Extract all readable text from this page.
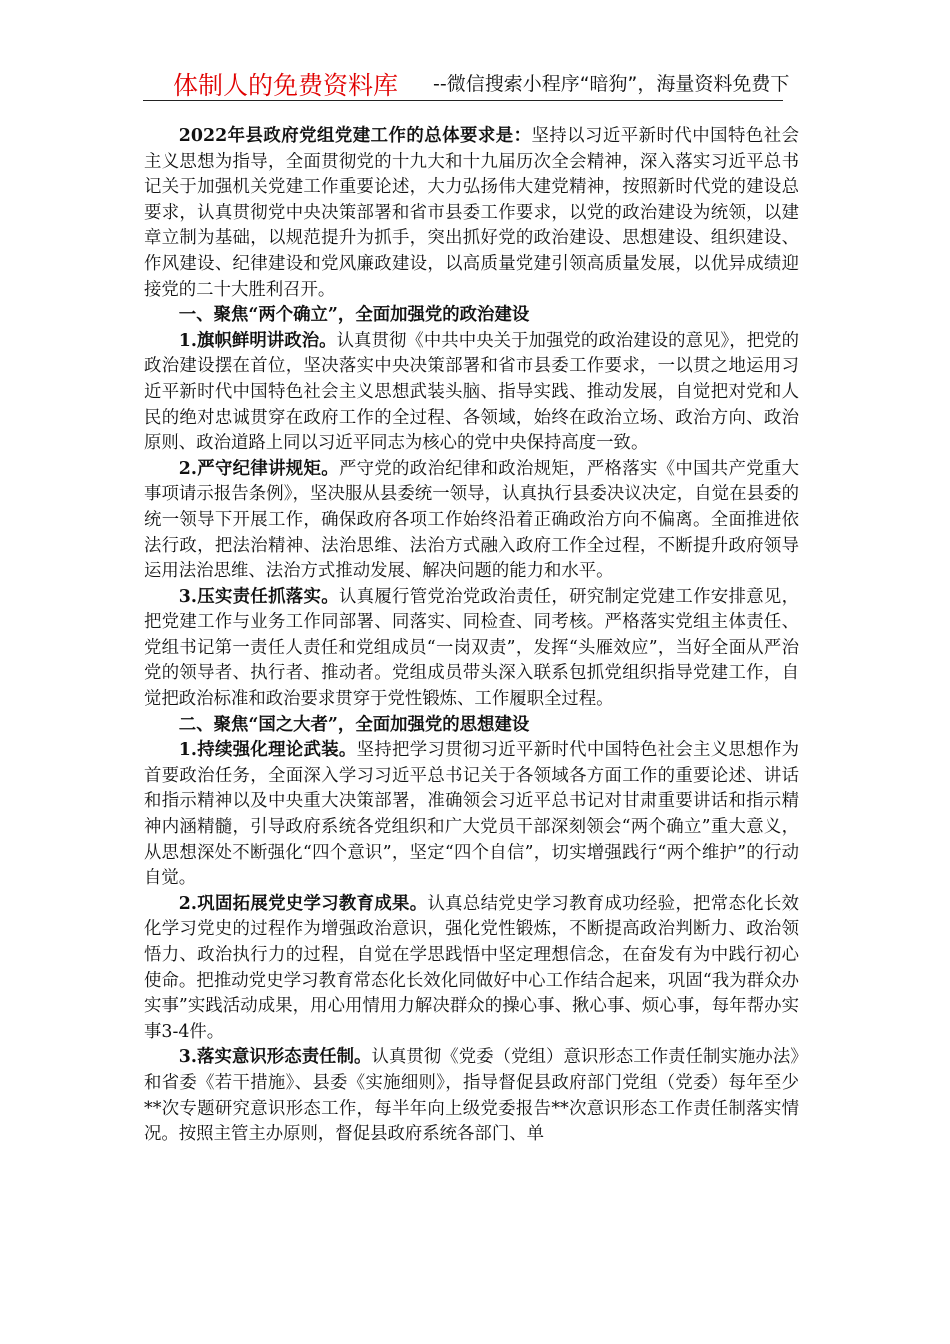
体制人的免费资料库 --微信搜索小程序“暗狗”，海量资料免费下

2022年县政府党组党建工作的总体要求是：坚持以习近平新时代中国特色社会主义思想为指导，全面贯彻党的十九大和十九届历次全会精神，深入落实习近平总书记关于加强机关党建工作重要论述，大力弘扬伟大建党精神，按照新时代党的建设总要求，认真贯彻党中央决策部署和省市县委工作要求，以党的政治建设为统领，以建章立制为基础，以规范提升为抓手，突出抓好党的政治建设、思想建设、组织建设、作风建设、纪律建设和党风廉政建设，以高质量党建引领高质量发展，以优异成绩迎接党的二十大胜利召开。

一、聚焦“两个确立”，全面加强党的政治建设

1.旗帜鲜明讲政治。认真贯彻《中共中央关于加强党的政治建设的意见》，把党的政治建设摆在首位，坚决落实中央决策部署和省市县委工作要求，一以贯之地运用习近平新时代中国特色社会主义思想武装头脑、指导实践、推动发展，自觉把对党和人民的绝对忠诚贯穿在政府工作的全过程、各领域，始终在政治立场、政治方向、政治原则、政治道路上同以习近平同志为核心的党中央保持高度一致。

2.严守纪律讲规矩。严守党的政治纪律和政治规矩，严格落实《中国共产党重大事项请示报告条例》，坚决服从县委统一领导，认真执行县委决议决定，自觉在县委的统一领导下开展工作，确保政府各项工作始终沿着正确政治方向不偏离。全面推进依法行政，把法治精神、法治思维、法治方式融入政府工作全过程，不断提升政府领导运用法治思维、法治方式推动发展、解决问题的能力和水平。

3.压实责任抓落实。认真履行管党治党政治责任，研究制定党建工作安排意见，把党建工作与业务工作同部署、同落实、同检查、同考核。严格落实党组主体责任、党组书记第一责任人责任和党组成员“一岗双责”，发挥“头雁效应”，当好全面从严治党的领导者、执行者、推动者。党组成员带头深入联系包抓党组织指导党建工作，自觉把政治标准和政治要求贯穿于党性锻炼、工作履职全过程。

二、聚焦“国之大者”，全面加强党的思想建设

1.持续强化理论武装。坚持把学习贯彻习近平新时代中国特色社会主义思想作为首要政治任务，全面深入学习习近平总书记关于各领域各方面工作的重要论述、讲话和指示精神以及中央重大决策部署，准确领会习近平总书记对甘肃重要讲话和指示精神内涵精髓，引导政府系统各党组织和广大党员干部深刻领会“两个确立”重大意义，从思想深处不断强化“四个意识”，坚定“四个自信”，切实增强践行“两个维护”的行动自觉。

2.巩固拓展党史学习教育成果。认真总结党史学习教育成功经验，把常态化长效化学习党史的过程作为增强政治意识，强化党性锻炼，不断提高政治判断力、政治领悟力、政治执行力的过程，自觉在学思践悟中坚定理想信念，在奋发有为中践行初心使命。把推动党史学习教育常态化长效化同做好中心工作结合起来，巩固“我为群众办实事”实践活动成果，用心用情用力解决群众的操心事、揪心事、烦心事，每年帮办实事3-4件。

3.落实意识形态责任制。认真贯彻《党委（党组）意识形态工作责任制实施办法》和省委《若干措施》、县委《实施细则》，指导督促县政府部门党组（党委）每年至少**次专题研究意识形态工作，每半年向上级党委报告**次意识形态工作责任制落实情况。按照主管主办原则，督促县政府系统各部门、单
